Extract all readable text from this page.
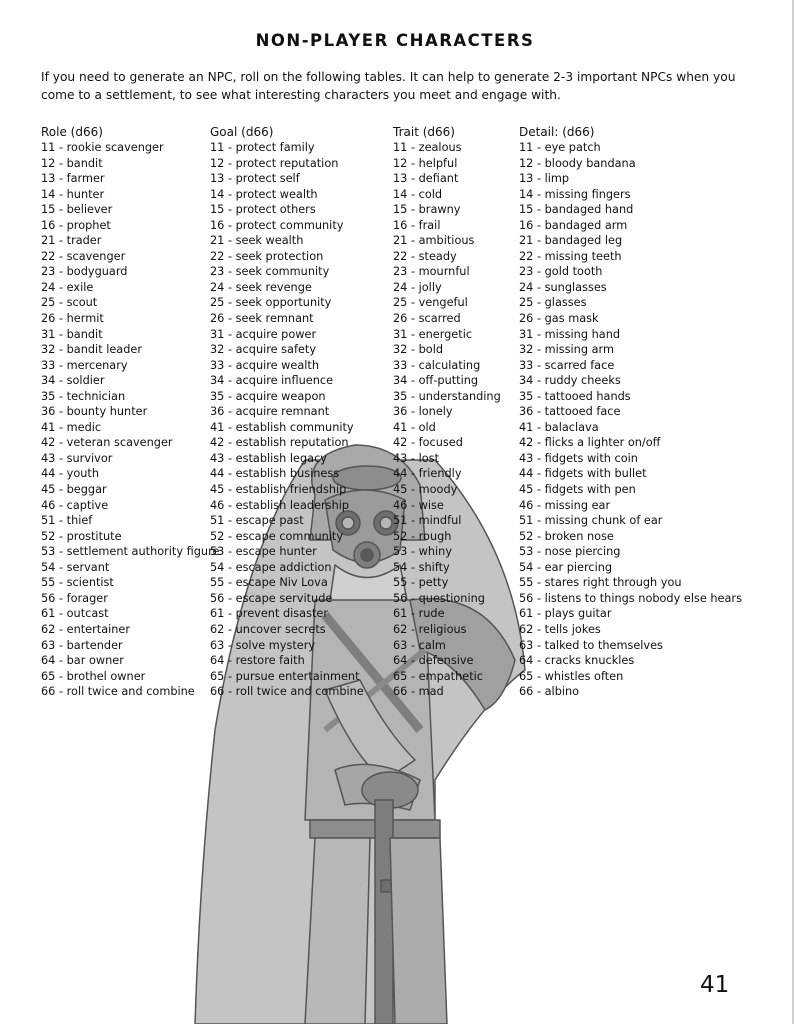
NON-PLAYER CHARACTERS

If you need to generate an NPC, roll on the following tables. It can help to generate 2-3 important NPCs when you come to a settlement, to see what interesting characters you meet and engage with.

Role (d66)
11 - rookie scavenger
12 - bandit
13 - farmer
14 - hunter
15 - believer
16 - prophet
21 - trader
22 - scavenger
23 - bodyguard
24 - exile
25 - scout
26 - hermit
31 - bandit
32 - bandit leader
33 - mercenary
34 - soldier
35 - technician
36 - bounty hunter
41 - medic
42 - veteran scavenger
43 - survivor
44 - youth
45 - beggar
46 - captive
51 - thief
52 - prostitute
53 - settlement authority figure
54 - servant
55 - scientist
56 - forager
61 - outcast
62 - entertainer
63 - bartender
64 - bar owner
65 - brothel owner
66 - roll twice and combine
Goal (d66)
11 - protect family
12 - protect reputation
13 - protect self
14 - protect wealth
15 - protect others
16 - protect community
21 - seek wealth
22 - seek protection
23 - seek community
24 - seek revenge
25 - seek opportunity
26 - seek remnant
31 - acquire power
32 - acquire safety
33 - acquire wealth
34 - acquire influence
35 - acquire weapon
36 - acquire remnant
41 - establish community
42 - establish reputation
43 - establish legacy
44 - establish business
45 - establish friendship
46 - establish leadership
51 - escape past
52 - escape community
53 - escape hunter
54 - escape addiction
55 - escape Niv Lova
56 - escape servitude
61 - prevent disaster
62 - uncover secrets
63 - solve mystery
64 - restore faith
65 - pursue entertainment
66 - roll twice and combine
Trait (d66)
11 - zealous
12 - helpful
13 - defiant
14 - cold
15 - brawny
16 - frail
21 - ambitious
22 - steady
23 - mournful
24 - jolly
25 - vengeful
26 - scarred
31 - energetic
32 - bold
33 - calculating
34 - off-putting
35 - understanding
36 - lonely
41 - old
42 - focused
43 - lost
44 - friendly
45 - moody
46 - wise
51 - mindful
52 - rough
53 - whiny
54 - shifty
55 - petty
56 - questioning
61 - rude
62 - religious
63 - calm
64 - defensive
65 - empathetic
66 - mad
Detail: (d66)
11 - eye patch
12 - bloody bandana
13 - limp
14 - missing fingers
15 - bandaged hand
16 - bandaged arm
21 - bandaged leg
22 - missing teeth
23 - gold tooth
24 - sunglasses
25 - glasses
26 - gas mask
31 - missing hand
32 - missing arm
33 - scarred face
34 - ruddy cheeks
35 - tattooed hands
36 - tattooed face
41 - balaclava
42 - flicks a lighter on/off
43 - fidgets with coin
44 - fidgets with bullet
45 - fidgets with pen
46 - missing ear
51 - missing chunk of ear
52 - broken nose
53 - nose piercing
54 - ear piercing
55 - stares right through you
56 - listens to things nobody else hears
61 - plays guitar
62 - tells jokes
63 - talked to themselves
64 - cracks knuckles
65 - whistles often
66 - albino
41
